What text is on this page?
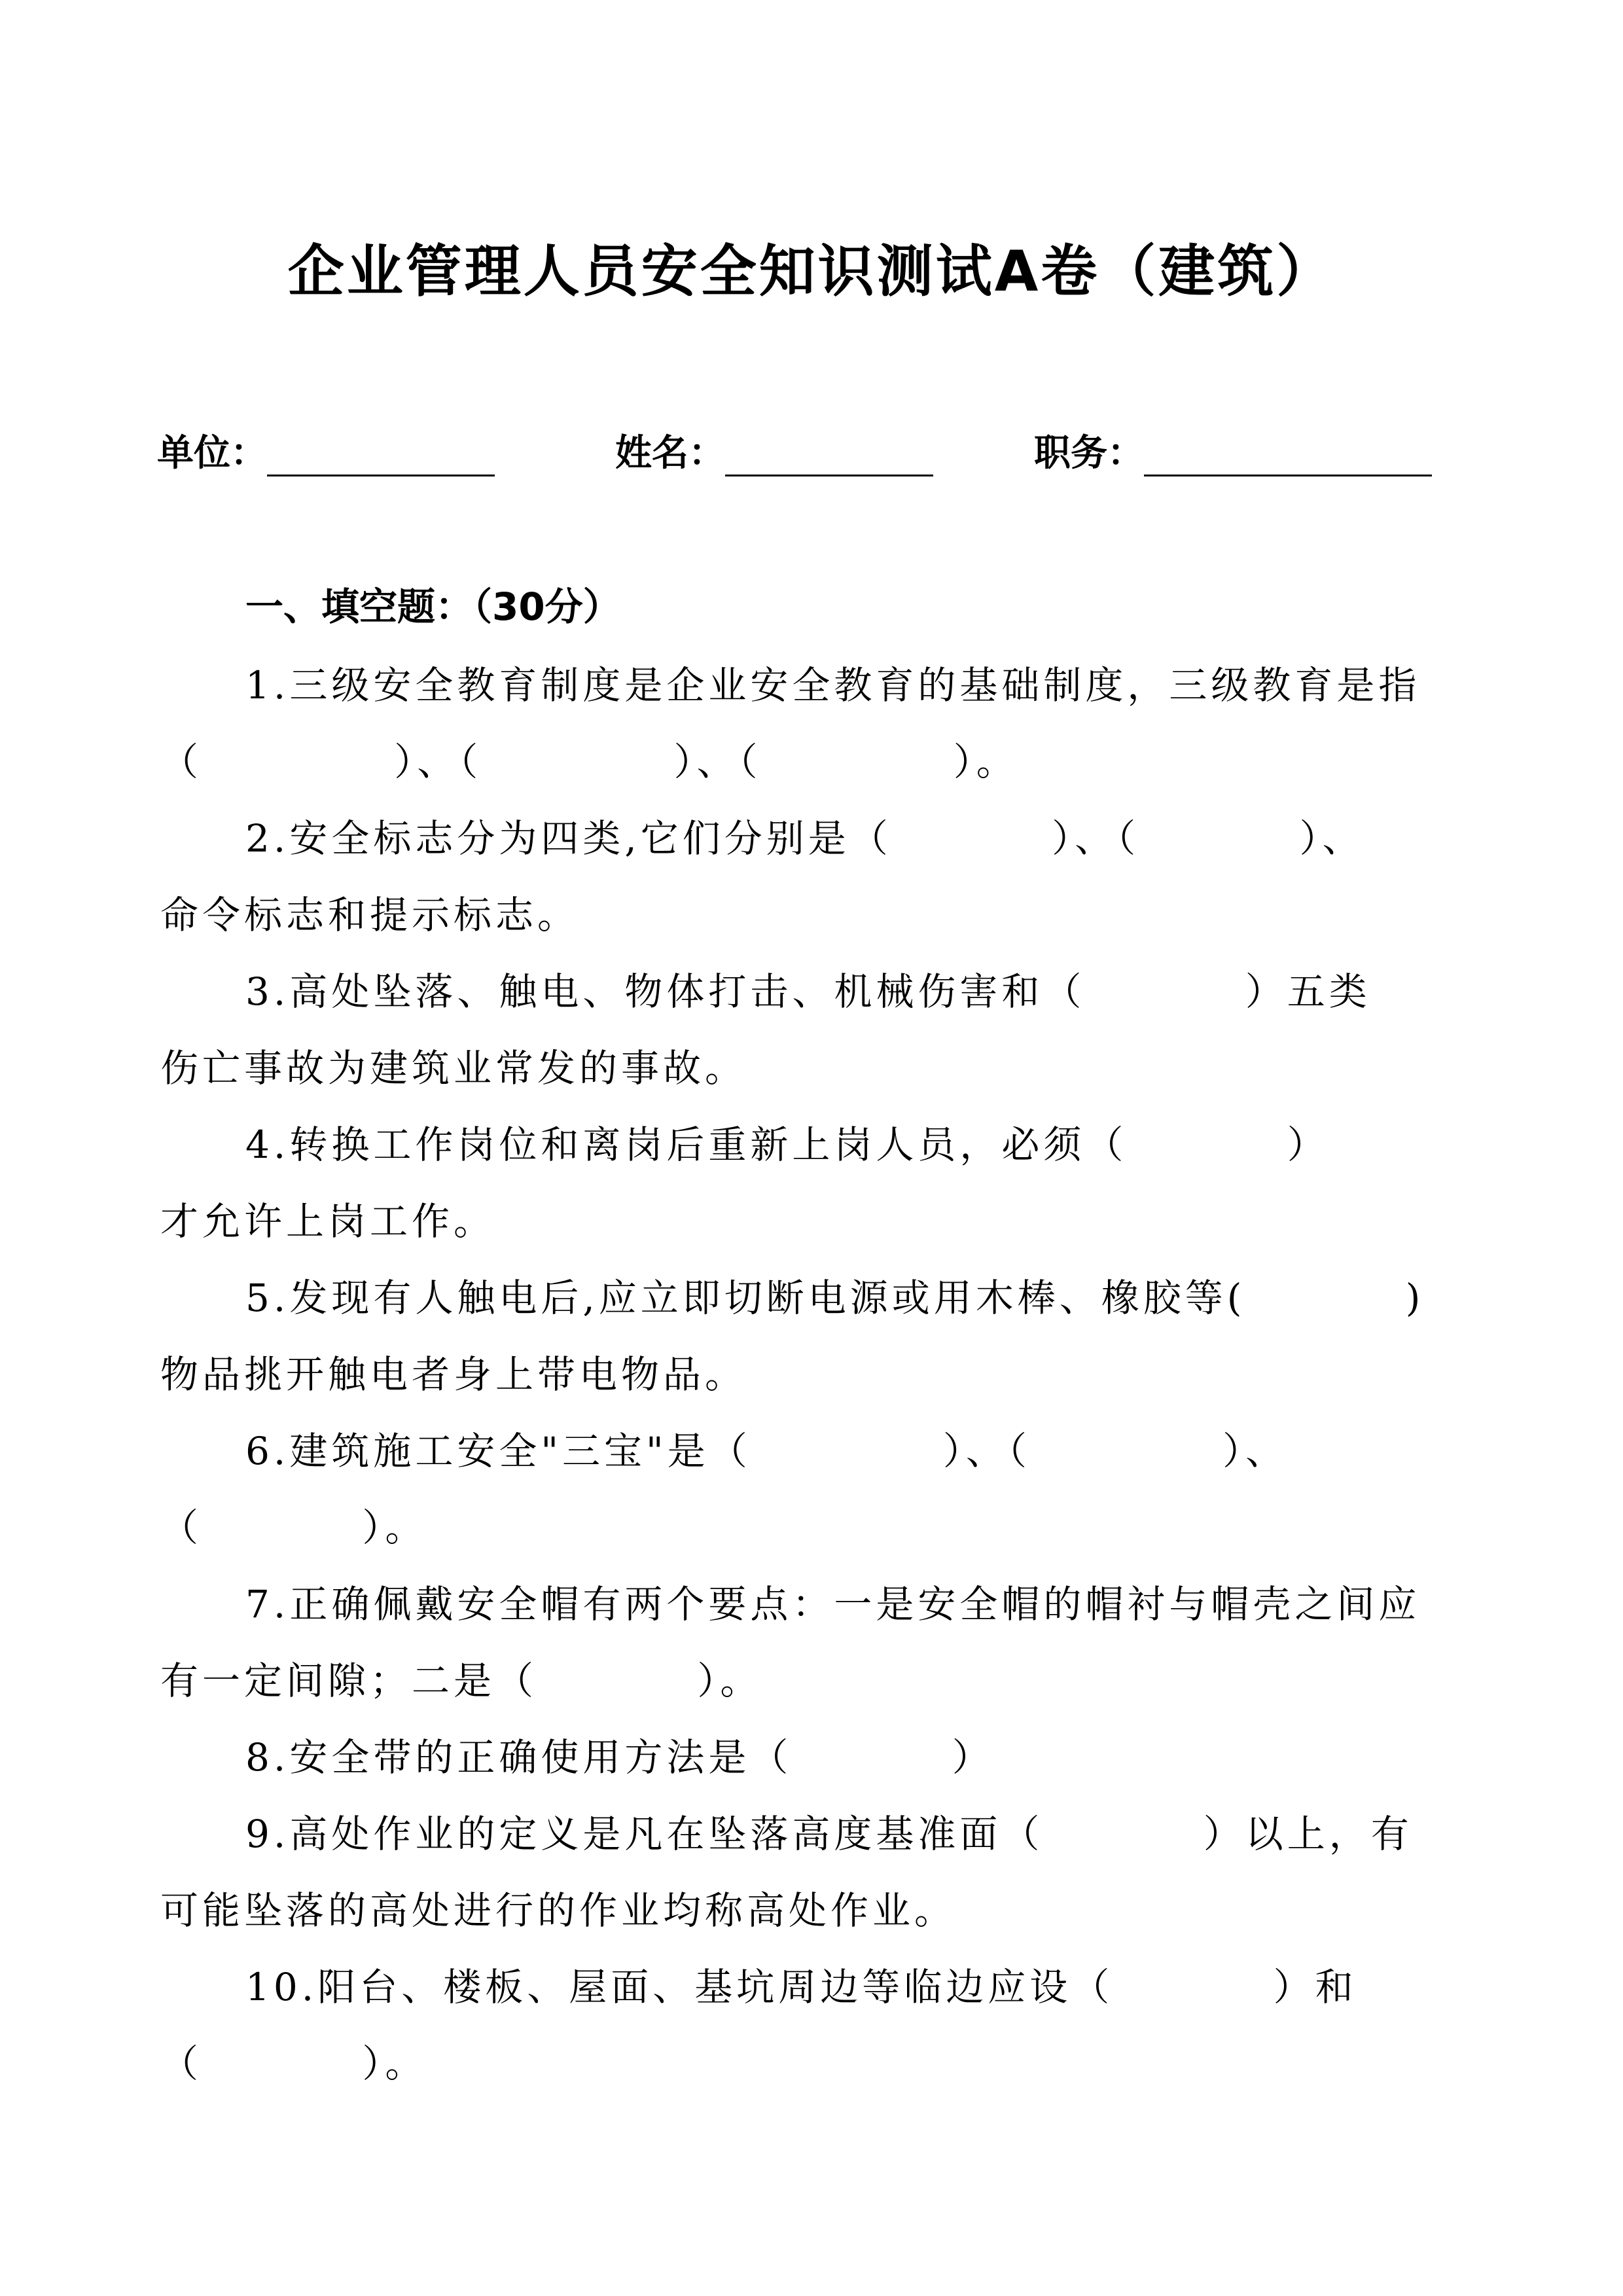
企业管理人员安全知识测试A卷（建筑）
单位：	姓名：	职务：
一、填空题：（30分）
1.三级安全教育制度是企业安全教育的基础制度，三级教育是指
（            ）、（            ）、（            ）。
2.安全标志分为四类,它们分别是（          ）、（          ）、
命令标志和提示标志。
3.高处坠落、触电、物体打击、机械伤害和（          ）五类
伤亡事故为建筑业常发的事故。
4.转换工作岗位和离岗后重新上岗人员，必须（          ）
才允许上岗工作。
5.发现有人触电后,应立即切断电源或用木棒、橡胶等(          )
物品挑开触电者身上带电物品。
6.建筑施工安全"三宝"是（            ）、（            ）、
（          ）。
7.正确佩戴安全帽有两个要点：一是安全帽的帽衬与帽壳之间应
有一定间隙；二是（          ）。
8.安全带的正确使用方法是（          ）
9.高处作业的定义是凡在坠落高度基准面（          ）以上，有
可能坠落的高处进行的作业均称高处作业。
10.阳台、楼板、屋面、基坑周边等临边应设（          ）和
（          ）。
